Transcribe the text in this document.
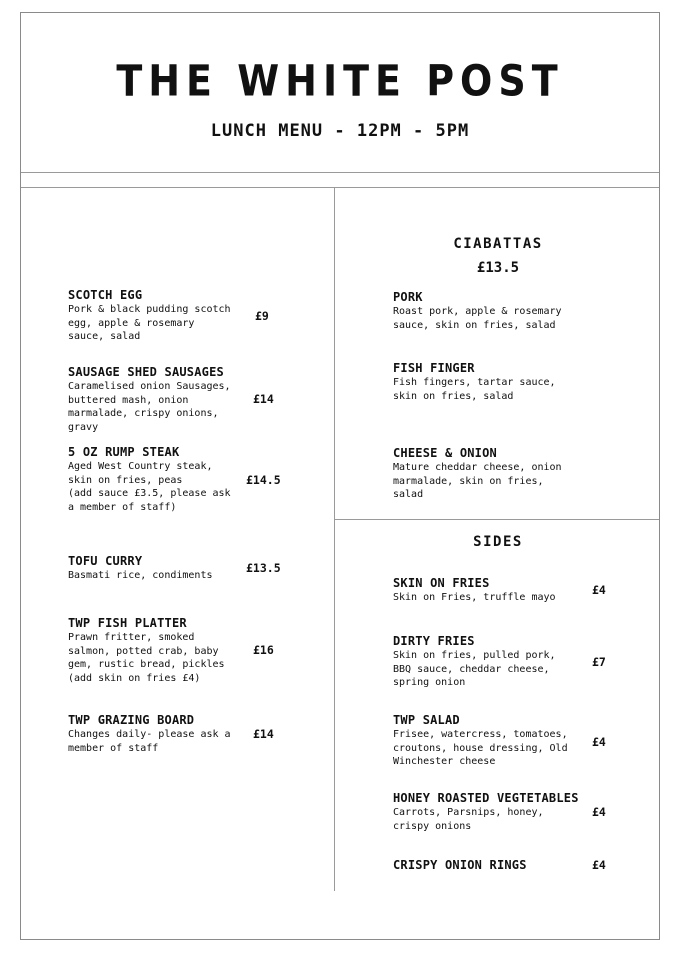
THE WHITE POST
LUNCH MENU - 12PM - 5PM
SCOTCH EGG
Pork & black pudding scotch
egg, apple & rosemary
sauce, salad
£9
SAUSAGE SHED SAUSAGES
Caramelised onion Sausages,
buttered mash, onion
marmalade, crispy onions,
gravy
£14
5 OZ RUMP STEAK
Aged West Country steak,
skin on fries, peas
(add sauce £3.5, please ask
a member of staff)
£14.5
TOFU CURRY
Basmati rice, condiments
£13.5
TWP FISH PLATTER
Prawn fritter, smoked
salmon, potted crab, baby
gem, rustic bread, pickles
(add skin on fries £4)
£16
TWP GRAZING BOARD
Changes daily- please ask a
member of staff
£14
CIABATTAS
£13.5
PORK
Roast pork, apple & rosemary
sauce, skin on fries, salad
FISH FINGER
Fish fingers, tartar sauce,
skin on fries, salad
CHEESE & ONION
Mature cheddar cheese, onion
marmalade, skin on fries,
salad
SIDES
SKIN ON FRIES
Skin on Fries, truffle mayo
£4
DIRTY FRIES
Skin on fries, pulled pork,
BBQ sauce, cheddar cheese,
spring onion
£7
TWP SALAD
Frisee, watercress, tomatoes,
croutons, house dressing, Old
Winchester cheese
£4
HONEY ROASTED VEGTETABLES
Carrots, Parsnips, honey,
crispy onions
£4
CRISPY ONION RINGS	£4
